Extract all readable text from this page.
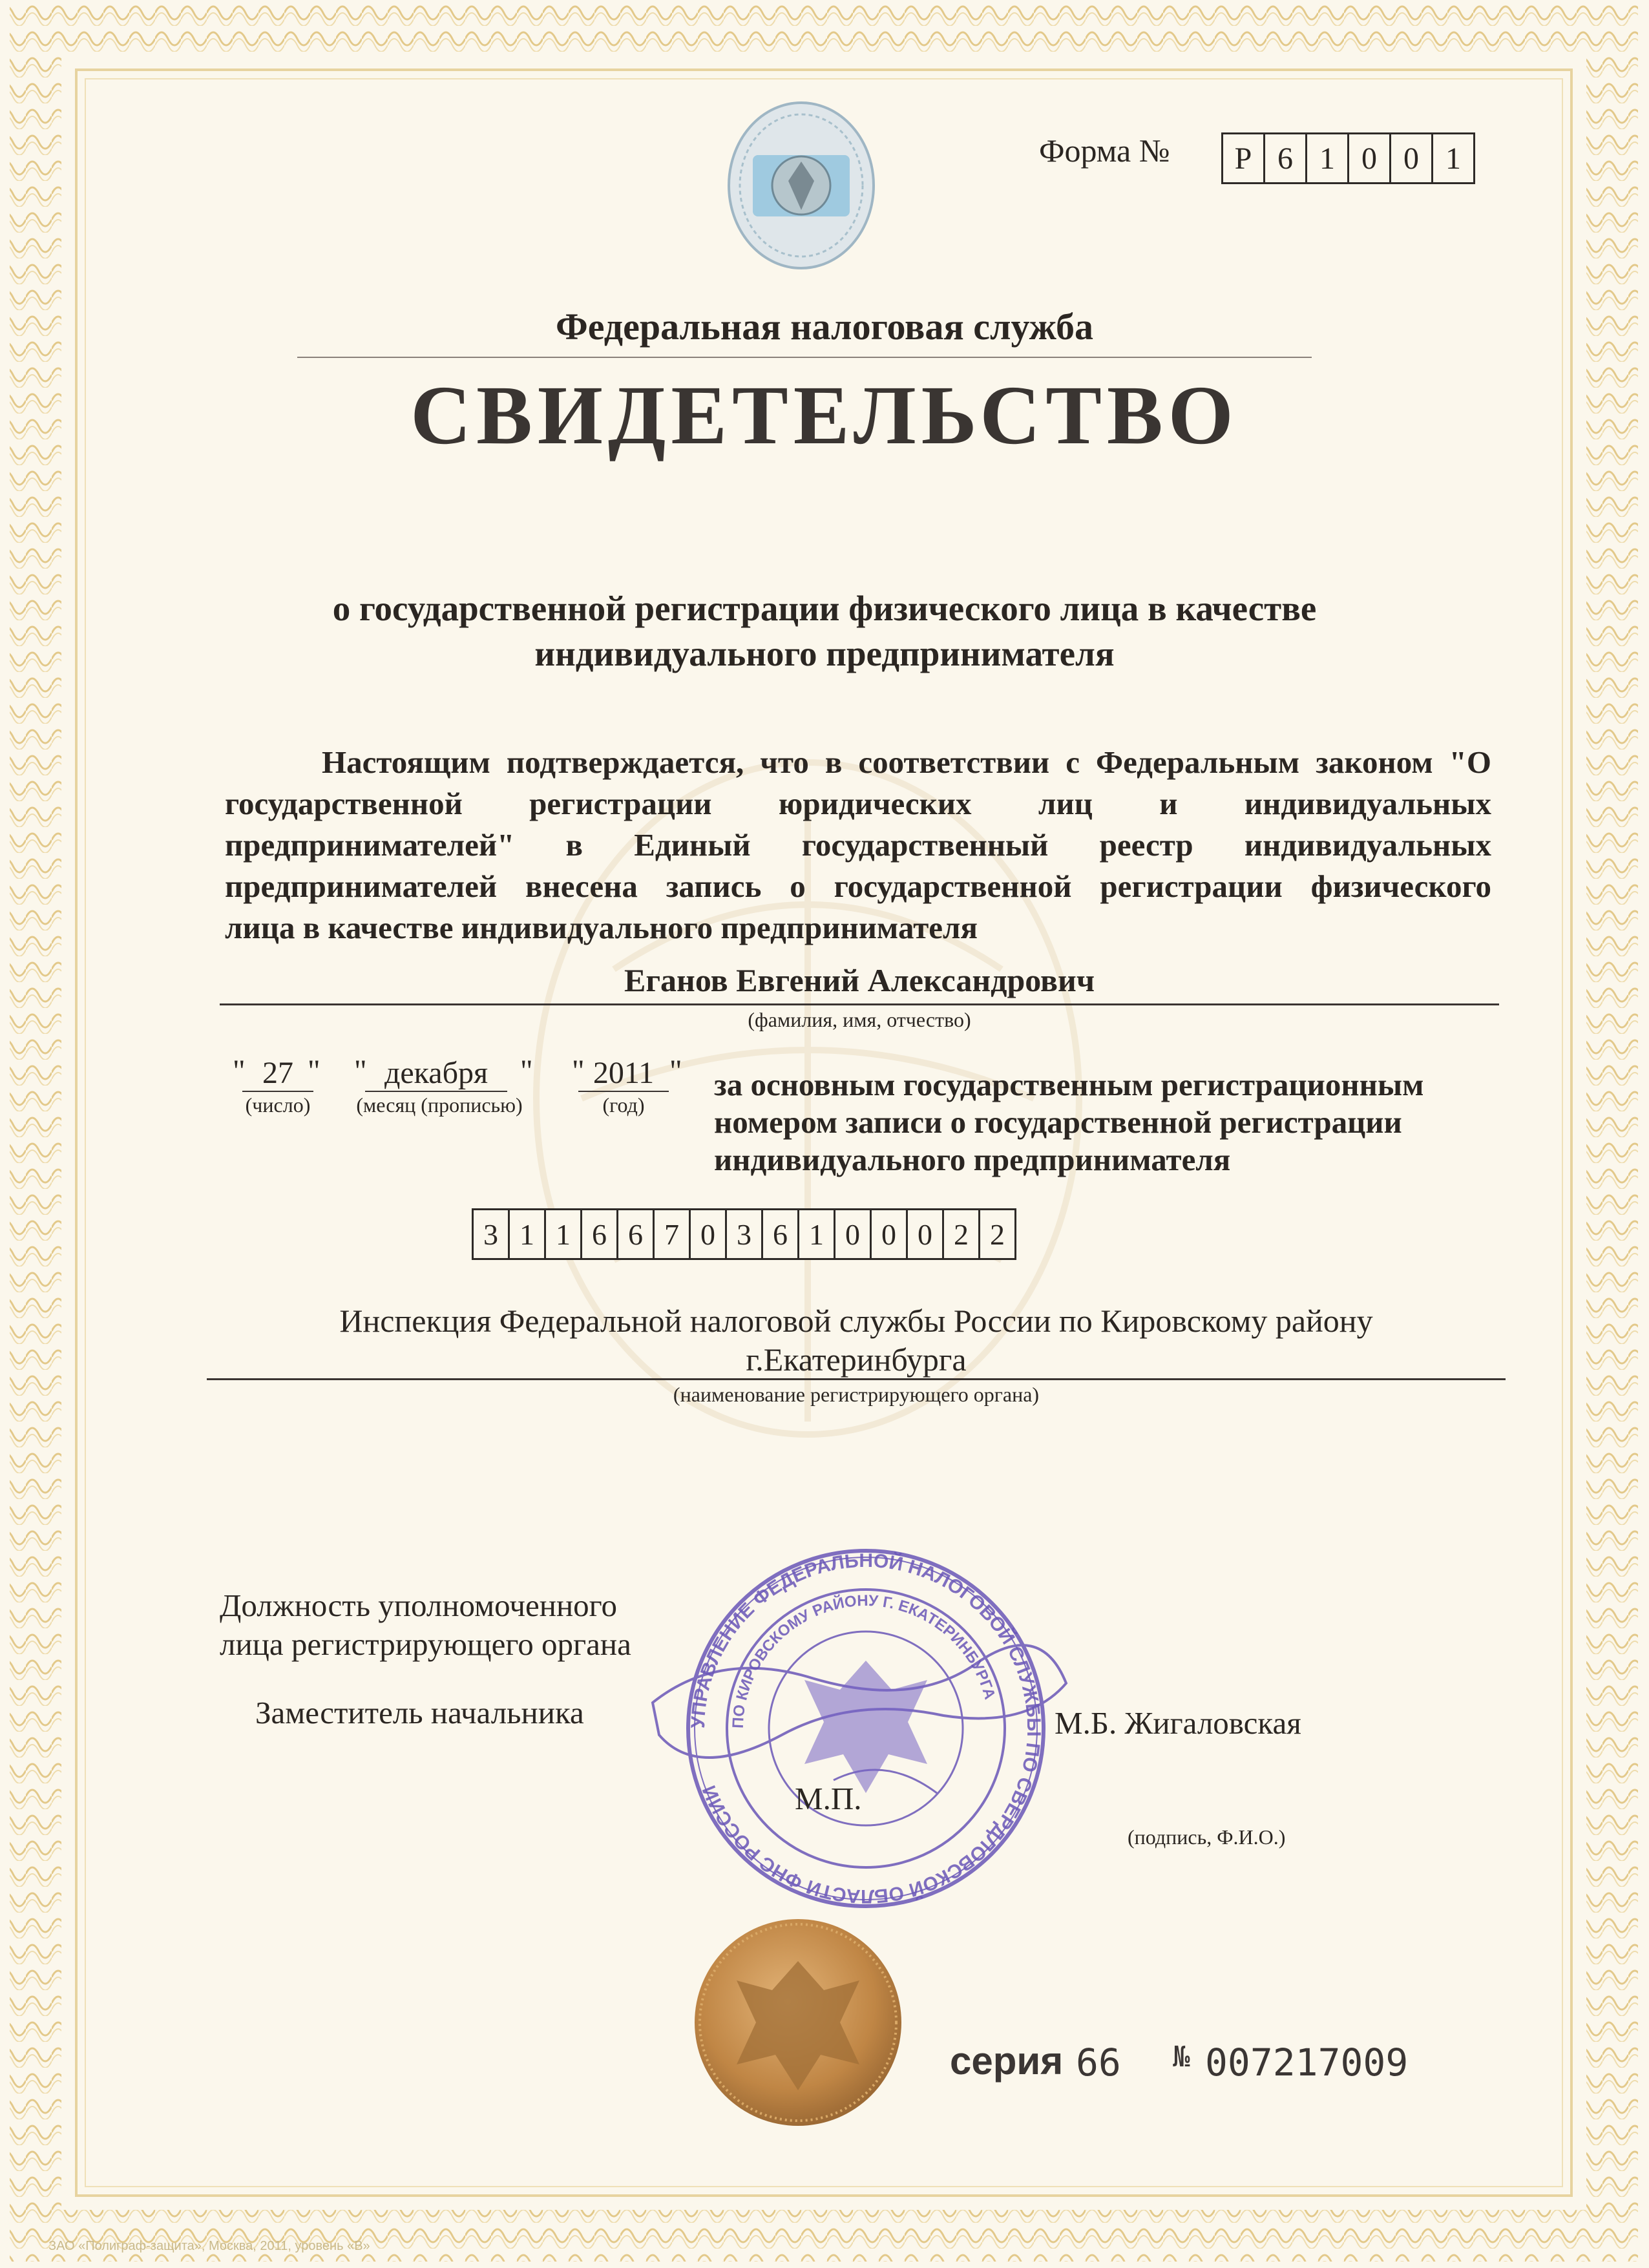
Форма №	Р 6 1 0 0 1
Федеральная налоговая служба
СВИДЕТЕЛЬСТВО
о государственной регистрации физического лица в качестве
индивидуального предпринимателя
Настоящим подтверждается, что в соответствии с Федеральным законом "О
государственной регистрации юридических лиц и индивидуальных
предпринимателей" в Единый государственный реестр индивидуальных
предпринимателей внесена запись о государственной регистрации физического
лица в качестве индивидуального предпринимателя
Еганов Евгений Александрович
(фамилия, имя, отчество)
" 27 "
(число)
" декабря	"
(месяц (прописью)
" 2011 "
(год)
за основным государственным регистрационным
номером записи о государственной регистрации
индивидуального предпринимателя
3 1 1 6 6 7 0 3 6 1 0 0 0 2 2
Инспекция Федеральной налоговой службы России по Кировскому району
г.Екатеринбурга
(наименование регистрирующего органа)
Должность уполномоченного
лица регистрирующего органа
Заместитель начальника	М.Б. Жигаловская
(подпись, Ф.И.О.)
УПРАВЛЕНИЕ ФЕДЕРАЛЬНОЙ НАЛОГОВОЙ СЛУЖБЫ ПО СВЕРДЛОВСКОЙ ОБЛАСТИ ФНС РОССИИ
ПО КИРОВСКОМУ РАЙОНУ Г. ЕКАТЕРИНБУРГА
М.П.
серия 66 № 007217009
ЗАО «Полиграф-защита», Москва, 2011, уровень «В»
